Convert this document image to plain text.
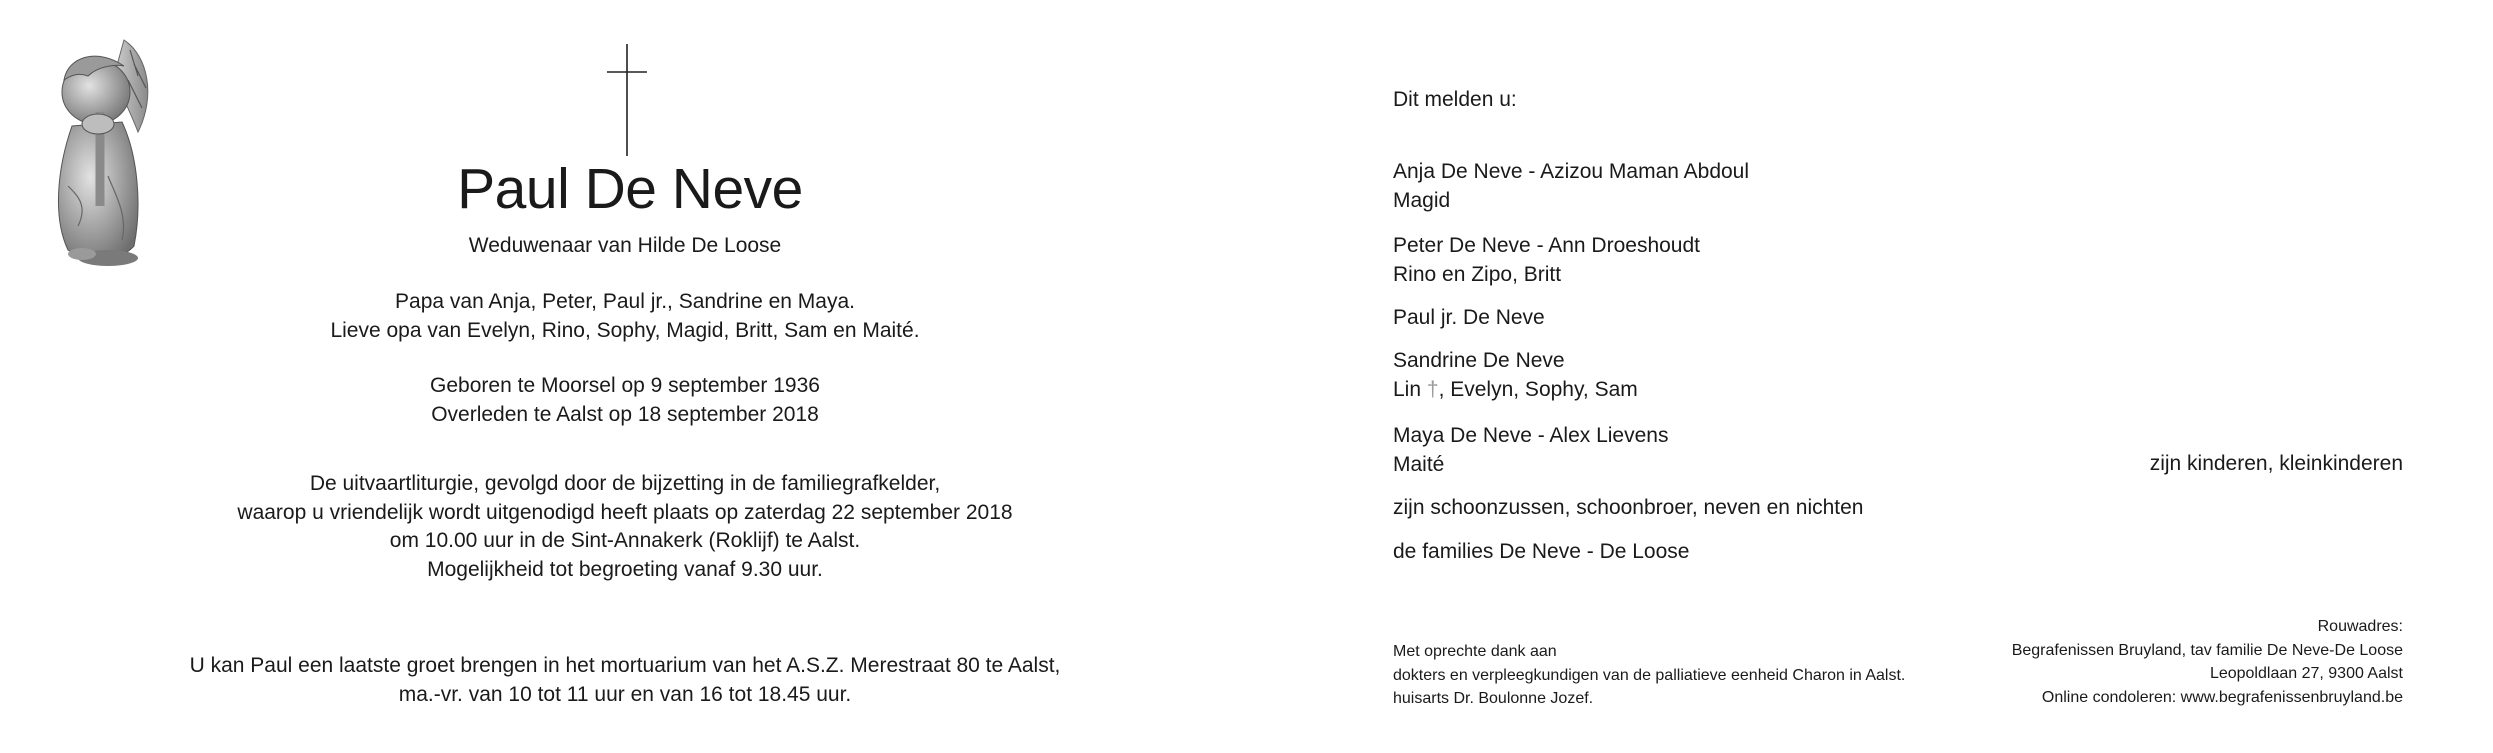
Paul De Neve

Weduwenaar van Hilde De Loose

Papa van Anja, Peter, Paul jr., Sandrine en Maya.

Lieve opa van Evelyn, Rino, Sophy, Magid, Britt, Sam en Maité.

Geboren te Moorsel op 9 september 1936

Overleden te Aalst op 18 september 2018

De uitvaartliturgie, gevolgd door de bijzetting in de familiegrafkelder,

waarop u vriendelijk wordt uitgenodigd heeft plaats op zaterdag 22 september 2018

om 10.00 uur in de Sint-Annakerk (Roklijf) te Aalst.

Mogelijkheid tot begroeting vanaf 9.30 uur.

U kan Paul een laatste groet brengen in het mortuarium van het A.S.Z. Merestraat 80 te Aalst,

ma.-vr. van 10 tot 11 uur en van 16 tot 18.45 uur.

Dit melden u:

Anja De Neve - Azizou Maman Abdoul

Magid

Peter De Neve - Ann Droeshoudt

Rino en Zipo, Britt

Paul jr. De Neve

Sandrine De Neve

Lin †, Evelyn, Sophy, Sam

Maya De Neve - Alex Lievens

Maité

zijn schoonzussen, schoonbroer, neven en nichten

de families De Neve - De Loose

zijn kinderen, kleinkinderen

Met oprechte dank aan

dokters en verpleegkundigen van de palliatieve eenheid Charon in Aalst.

huisarts Dr. Boulonne Jozef.

Rouwadres:

Begrafenissen Bruyland, tav familie De Neve-De Loose

Leopoldlaan 27, 9300 Aalst

Online condoleren: www.begrafenissenbruyland.be
